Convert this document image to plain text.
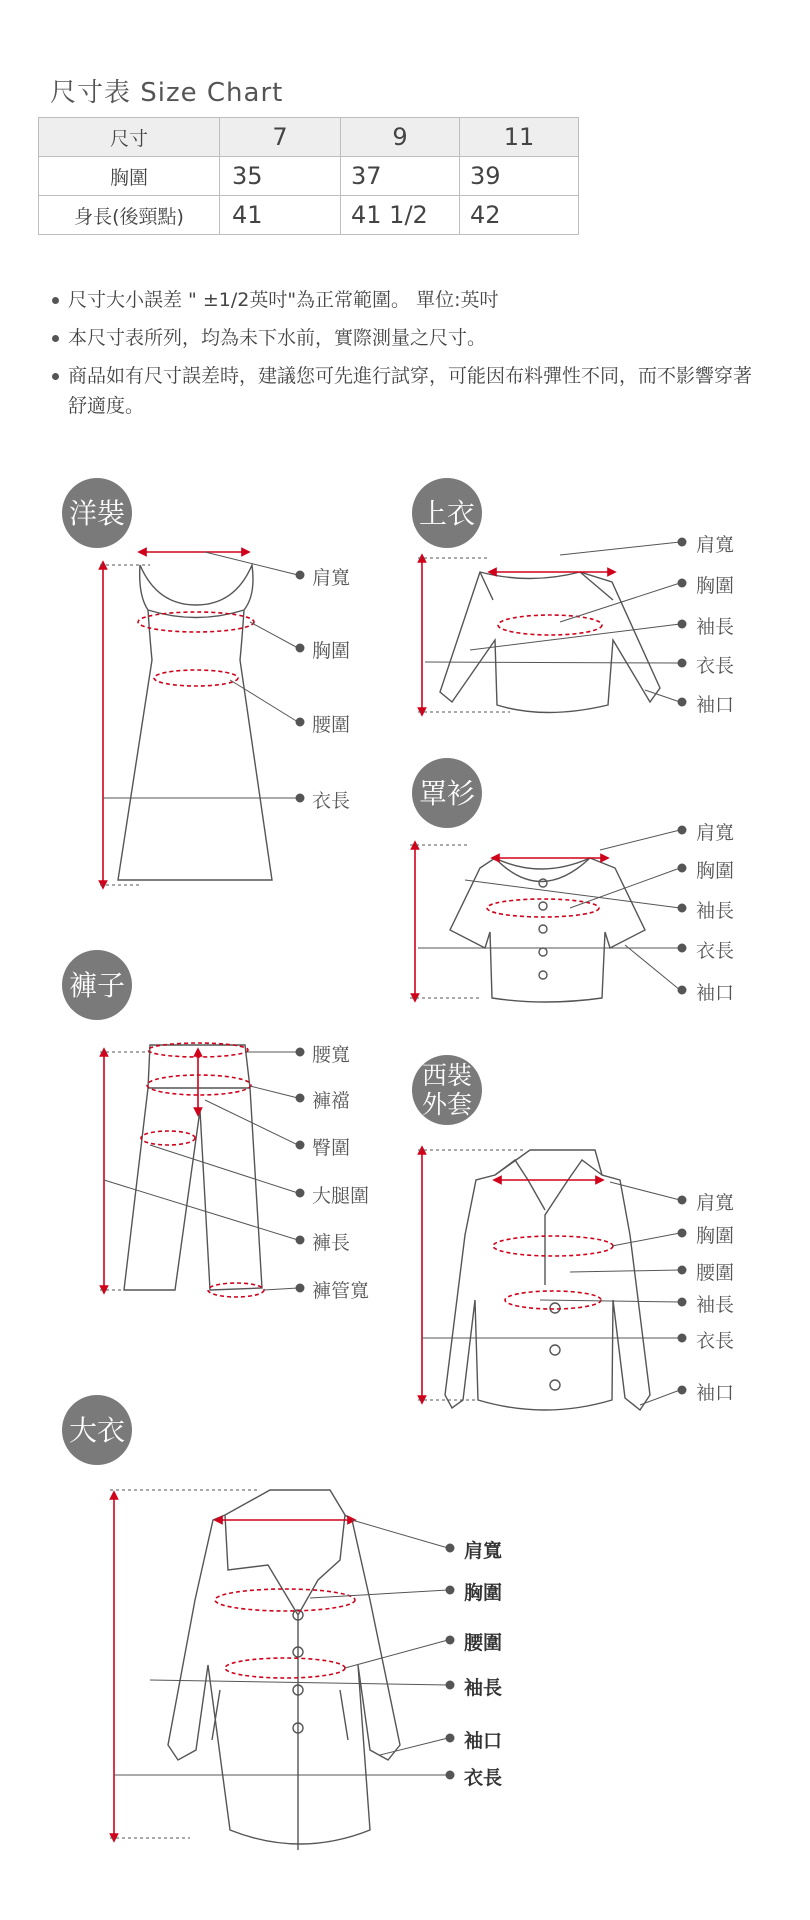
尺寸表 Size Chart
尺寸	7	9	11
胸圍	35	37	39
身長(後頸點)	41	41 1/2	42
尺寸大小誤差 " ±1/2英吋"為正常範圍。 單位:英吋
本尺寸表所列，均為未下水前，實際測量之尺寸。
商品如有尺寸誤差時，建議您可先進行試穿，可能因布料彈性不同，而不影響穿著舒適度。
洋裝	上衣
罩衫
褲子
西裝
外套
大衣
肩寬
胸圍
腰圍
衣長
肩寬
胸圍
袖長
衣長
袖口
肩寬
胸圍
袖長
衣長
袖口
腰寬
褲襠
臀圍
大腿圍
褲長
褲管寬
肩寬
胸圍
腰圍
袖長
衣長
袖口
肩寬
胸圍
腰圍
袖長
袖口
衣長
